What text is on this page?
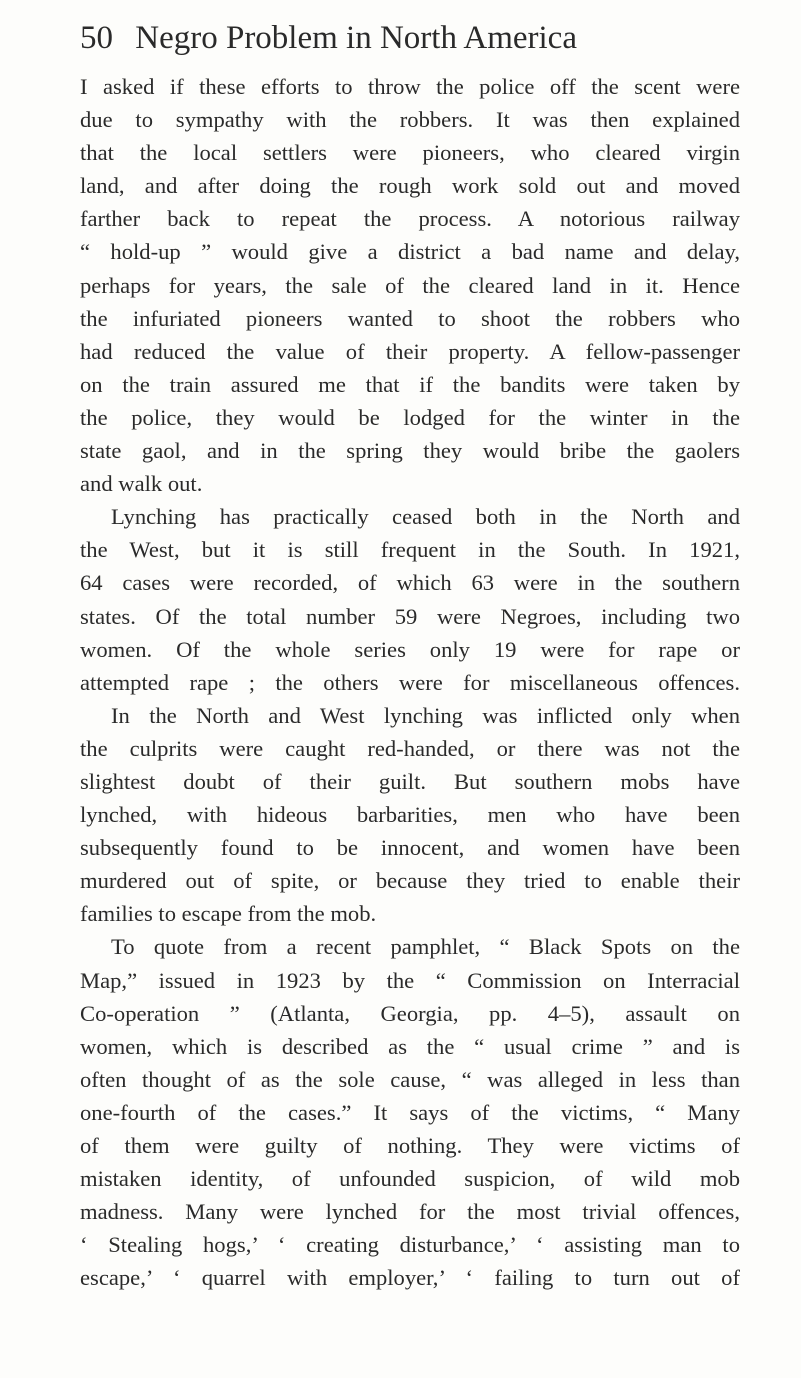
50 Negro Problem in North America
I asked if these efforts to throw the police off the scent were
due to sympathy with the robbers. It was then explained
that the local settlers were pioneers, who cleared virgin
land, and after doing the rough work sold out and moved
farther back to repeat the process. A notorious railway
“ hold-up ” would give a district a bad name and delay,
perhaps for years, the sale of the cleared land in it. Hence
the infuriated pioneers wanted to shoot the robbers who
had reduced the value of their property. A fellow-passenger
on the train assured me that if the bandits were taken by
the police, they would be lodged for the winter in the
state gaol, and in the spring they would bribe the gaolers
and walk out.
Lynching has practically ceased both in the North and
the West, but it is still frequent in the South. In 1921,
64 cases were recorded, of which 63 were in the southern
states. Of the total number 59 were Negroes, including two
women. Of the whole series only 19 were for rape or
attempted rape ; the others were for miscellaneous offences.
In the North and West lynching was inflicted only when
the culprits were caught red-handed, or there was not the
slightest doubt of their guilt. But southern mobs have
lynched, with hideous barbarities, men who have been
subsequently found to be innocent, and women have been
murdered out of spite, or because they tried to enable their
families to escape from the mob.
To quote from a recent pamphlet, “ Black Spots on the
Map,” issued in 1923 by the “ Commission on Interracial
Co-operation ” (Atlanta, Georgia, pp. 4–5), assault on
women, which is described as the “ usual crime ” and is
often thought of as the sole cause, “ was alleged in less than
one-fourth of the cases.” It says of the victims, “ Many
of them were guilty of nothing. They were victims of
mistaken identity, of unfounded suspicion, of wild mob
madness. Many were lynched for the most trivial offences,
‘ Stealing hogs,’ ‘ creating disturbance,’ ‘ assisting man to
escape,’ ‘ quarrel with employer,’ ‘ failing to turn out of
